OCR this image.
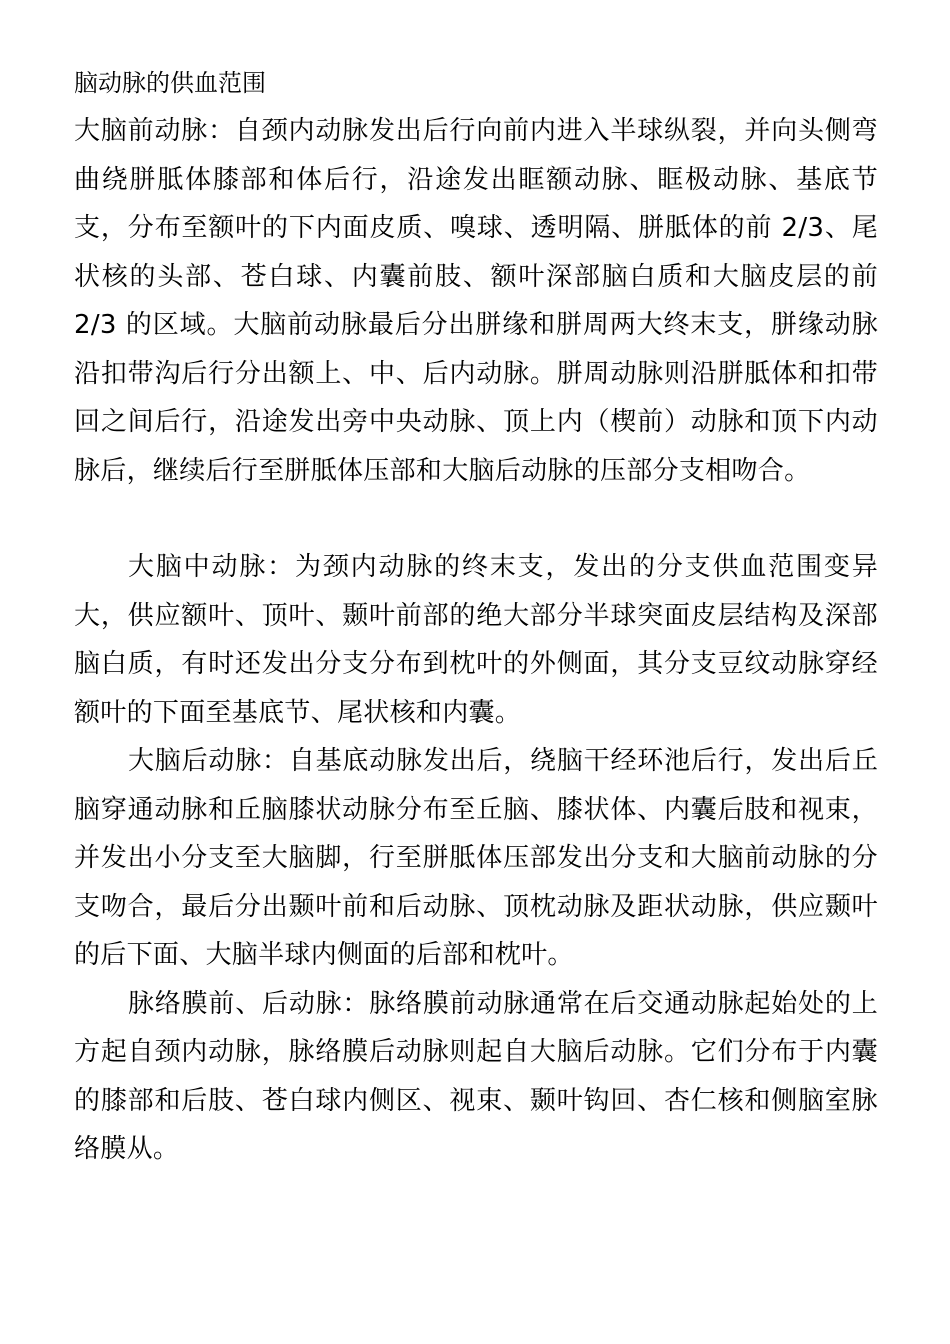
脑动脉的供血范围

大脑前动脉：自颈内动脉发出后行向前内进入半球纵裂，并向头侧弯曲绕胼胝体膝部和体后行，沿途发出眶额动脉、眶极动脉、基底节支，分布至额叶的下内面皮质、嗅球、透明隔、胼胝体的前 2/3、尾状核的头部、苍白球、内囊前肢、额叶深部脑白质和大脑皮层的前 2/3 的区域。大脑前动脉最后分出胼缘和胼周两大终末支，胼缘动脉沿扣带沟后行分出额上、中、后内动脉。胼周动脉则沿胼胝体和扣带回之间后行，沿途发出旁中央动脉、顶上内（楔前）动脉和顶下内动脉后，继续后行至胼胝体压部和大脑后动脉的压部分支相吻合。

大脑中动脉：为颈内动脉的终末支，发出的分支供血范围变异大，供应额叶、顶叶、颞叶前部的绝大部分半球突面皮层结构及深部脑白质，有时还发出分支分布到枕叶的外侧面，其分支豆纹动脉穿经额叶的下面至基底节、尾状核和内囊。

大脑后动脉：自基底动脉发出后，绕脑干经环池后行，发出后丘脑穿通动脉和丘脑膝状动脉分布至丘脑、膝状体、内囊后肢和视束，并发出小分支至大脑脚，行至胼胝体压部发出分支和大脑前动脉的分支吻合，最后分出颞叶前和后动脉、顶枕动脉及距状动脉，供应颞叶的后下面、大脑半球内侧面的后部和枕叶。

脉络膜前、后动脉：脉络膜前动脉通常在后交通动脉起始处的上方起自颈内动脉，脉络膜后动脉则起自大脑后动脉。它们分布于内囊的膝部和后肢、苍白球内侧区、视束、颞叶钩回、杏仁核和侧脑室脉络膜从。
